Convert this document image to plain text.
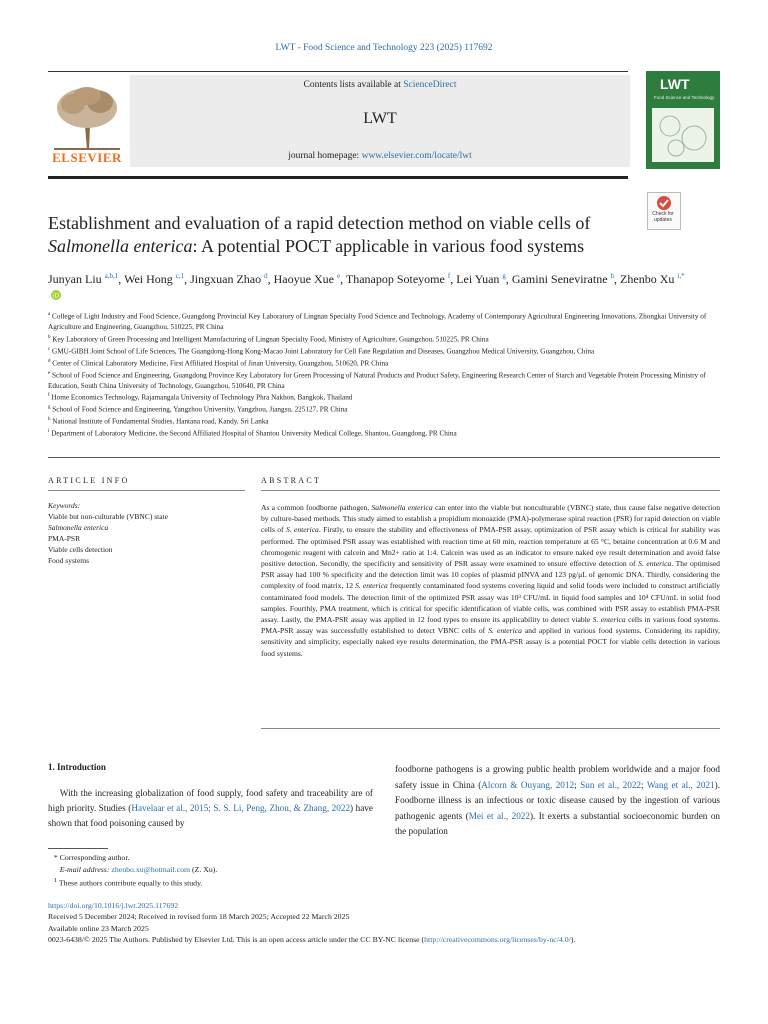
LWT - Food Science and Technology 223 (2025) 117692
ELSEVIER
Contents lists available at ScienceDirect
LWT
journal homepage: www.elsevier.com/locate/lwt
LWT
Food Science and Technology
Check for updates
Establishment and evaluation of a rapid detection method on viable cells of
Salmonella enterica: A potential POCT applicable in various food systems
Junyan Liu $^{a,b,1}$, Wei Hong $^{c,1}$, Jingxuan Zhao $^d$, Haoyue Xue $^e$, Thanapop Soteyome $^f$, Lei Yuan $^g$, Gamini Seneviratne $^h$, Zhenbo Xu $^{i,*}$
iD
$^a$ College of Light Industry and Food Science, Guangdong Provincial Key Laboratory of Lingnan Specialty Food Science and Technology, Academy of Contemporary Agricultural Engineering Innovations, Zhongkai University of Agriculture and Engineering, Guangzhou, 510225, PR China
$^b$ Key Laboratory of Green Processing and Intelligent Manufacturing of Lingnan Specialty Food, Ministry of Agriculture, Guangzhou, 510225, PR China
$^c$ GMU-GIBH Joint School of Life Sciences, The Guangdong-Hong Kong-Macao Joint Laboratory for Cell Fate Regulation and Diseases, Guangzhou Medical University, Guangzhou, China
$^d$ Center of Clinical Laboratory Medicine, First Affiliated Hospital of Jinan University, Guangzhou, 510620, PR China
$^e$ School of Food Science and Engineering, Guangdong Province Key Laboratory for Green Processing of Natural Products and Product Safety, Engineering Research Center of Starch and Vegetable Protein Processing Ministry of Education, South China University of Technology, Guangzhou, 510640, PR China
$^f$ Home Economics Technology, Rajamangala University of Technology Phra Nakhon, Bangkok, Thailand
$^g$ School of Food Science and Engineering, Yangzhou University, Yangzhou, Jiangsu, 225127, PR China
$^h$ National Institute of Fundamental Studies, Hantana road, Kandy, Sri Lanka
$^i$ Department of Laboratory Medicine, the Second Affiliated Hospital of Shantou University Medical College, Shantou, Guangdong, PR China
ARTICLE INFO	ABSTRACT
Keywords:
Viable but non-culturable (VBNC) state
Salmonella enterica
PMA-PSR
Viable cells detection
Food systems
As a common foodborne pathogen, Salmonella enterica can enter into the viable but nonculturable (VBNC) state, thus cause false negative detection by culture-based methods. This study aimed to establish a propidium monoazide (PMA)-polymerase spiral reaction (PSR) for rapid detection on viable cells of S. enterica. Firstly, to ensure the stability and effectiveness of PMA-PSR assay, optimization of PSR assay which is critical for stability was performed. The optimised PSR assay was established with reaction time at 60 min, reaction temperature at 65 °C, betaine concentration at 0.6 M and chromogenic reagent with calcein and Mn2+ ratio at 1:4. Calcein was used as an indicator to ensure naked eye result determination and avoid false positive detection. Secondly, the specificity and sensitivity of PSR assay were examined to ensure effective detection of S. enterica. The optimised PSR assay had 100 % specificity and the detection limit was 10 copies of plasmid pINVA and 123 pg/μL of genomic DNA. Thirdly, considering the complexity of food matrix, 12 S. enterica frequently contaminated food systems covering liquid and solid foods were included to construct artificially contaminated food models. The detection limit of the optimized PSR assay was 10³ CFU/mL in liquid food samples and 10⁴ CFU/mL in solid food samples. Fourthly, PMA treatment, which is critical for specific identification of viable cells, was combined with PSR assay to establish PMA-PSR assay. Lastly, the PMA-PSR assay was applied in 12 food types to ensure its applicability to detect viable S. enterica cells in various food systems. PMA-PSR assay was successfully established to detect VBNC cells of S. enterica and applied in various food systems. Considering its rapidity, sensitivity and simplicity, especially naked eye results determination, the PMA-PSR assay is a potential POCT for viable cells detection in various food systems.
1. Introduction
With the increasing globalization of food supply, food safety and traceability are of high priority. Studies (Havelaar et al., 2015; S. S. Li, Peng, Zhou, & Zhang, 2022) have shown that food poisoning caused by
foodborne pathogens is a growing public health problem worldwide and a major food safety issue in China (Alcorn & Ouyang, 2012; Sun et al., 2022; Wang et al., 2021). Foodborne illness is an infectious or toxic disease caused by the ingestion of various pathogenic agents (Mei et al., 2022). It exerts a substantial socioeconomic burden on the population
* Corresponding author.
E-mail address: zhenbo.xu@hotmail.com (Z. Xu).
$^1$ These authors contribute equally to this study.
https://doi.org/10.1016/j.lwt.2025.117692
Received 5 December 2024; Received in revised form 18 March 2025; Accepted 22 March 2025
Available online 23 March 2025
0023-6438/© 2025 The Authors. Published by Elsevier Ltd. This is an open access article under the CC BY-NC license (http://creativecommons.org/licenses/by-nc/4.0/).
